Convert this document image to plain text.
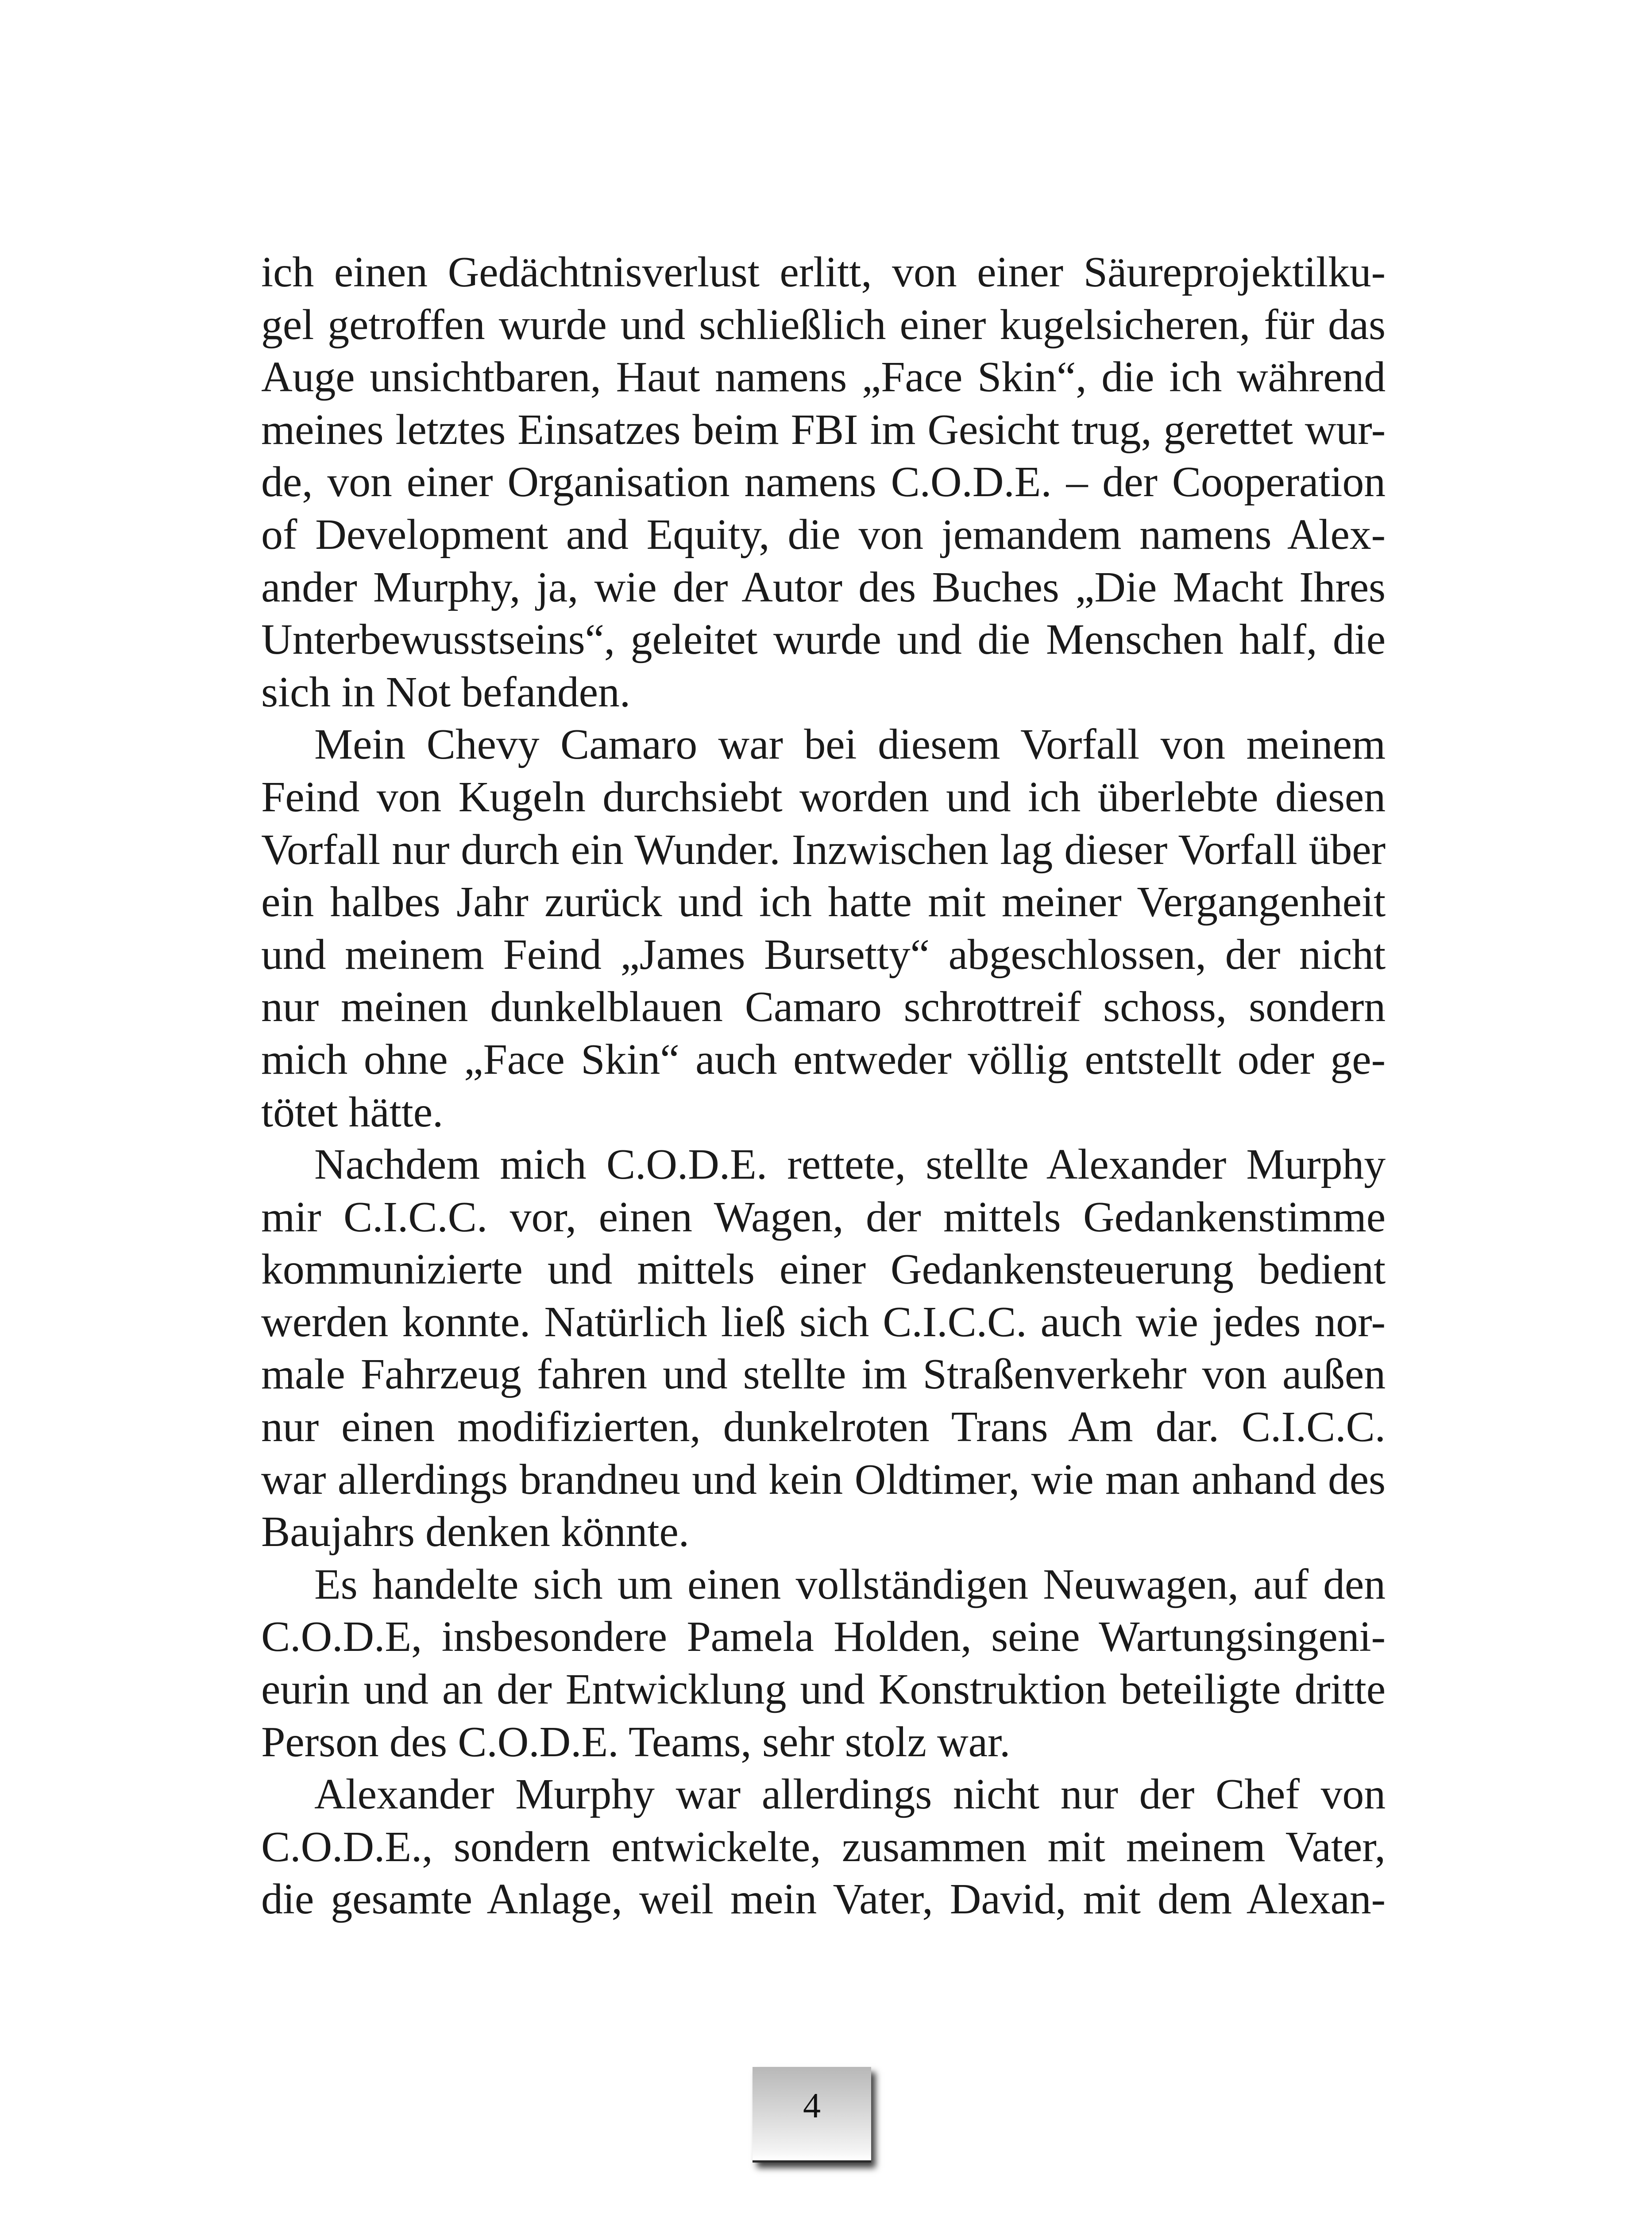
ich einen Gedächtnisverlust erlitt, von einer Säureprojektilku-
gel getroffen wurde und schließlich einer kugelsicheren, für das
Auge unsichtbaren, Haut namens „Face Skin“, die ich während
meines letztes Einsatzes beim FBI im Gesicht trug, gerettet wur-
de, von einer Organisation namens C.O.D.E. – der Cooperation
of Development and Equity, die von jemandem namens Alex-
ander Murphy, ja, wie der Autor des Buches „Die Macht Ihres
Unterbewusstseins“, geleitet wurde und die Menschen half, die
sich in Not befanden.
Mein Chevy Camaro war bei diesem Vorfall von meinem
Feind von Kugeln durchsiebt worden und ich überlebte diesen
Vorfall nur durch ein Wunder. Inzwischen lag dieser Vorfall über
ein halbes Jahr zurück und ich hatte mit meiner Vergangenheit
und meinem Feind „James Bursetty“ abgeschlossen, der nicht
nur meinen dunkelblauen Camaro schrottreif schoss, sondern
mich ohne „Face Skin“ auch entweder völlig entstellt oder ge-
tötet hätte.
Nachdem mich C.O.D.E. rettete, stellte Alexander Murphy
mir C.I.C.C. vor, einen Wagen, der mittels Gedankenstimme
kommunizierte und mittels einer Gedankensteuerung bedient
werden konnte. Natürlich ließ sich C.I.C.C. auch wie jedes nor-
male Fahrzeug fahren und stellte im Straßenverkehr von außen
nur einen modifizierten, dunkelroten Trans Am dar. C.I.C.C.
war allerdings brandneu und kein Oldtimer, wie man anhand des
Baujahrs denken könnte.
Es handelte sich um einen vollständigen Neuwagen, auf den
C.O.D.E, insbesondere Pamela Holden, seine Wartungsingeni-
eurin und an der Entwicklung und Konstruktion beteiligte dritte
Person des C.O.D.E. Teams, sehr stolz war.
Alexander Murphy war allerdings nicht nur der Chef von
C.O.D.E., sondern entwickelte, zusammen mit meinem Vater,
die gesamte Anlage, weil mein Vater, David, mit dem Alexan-
4
